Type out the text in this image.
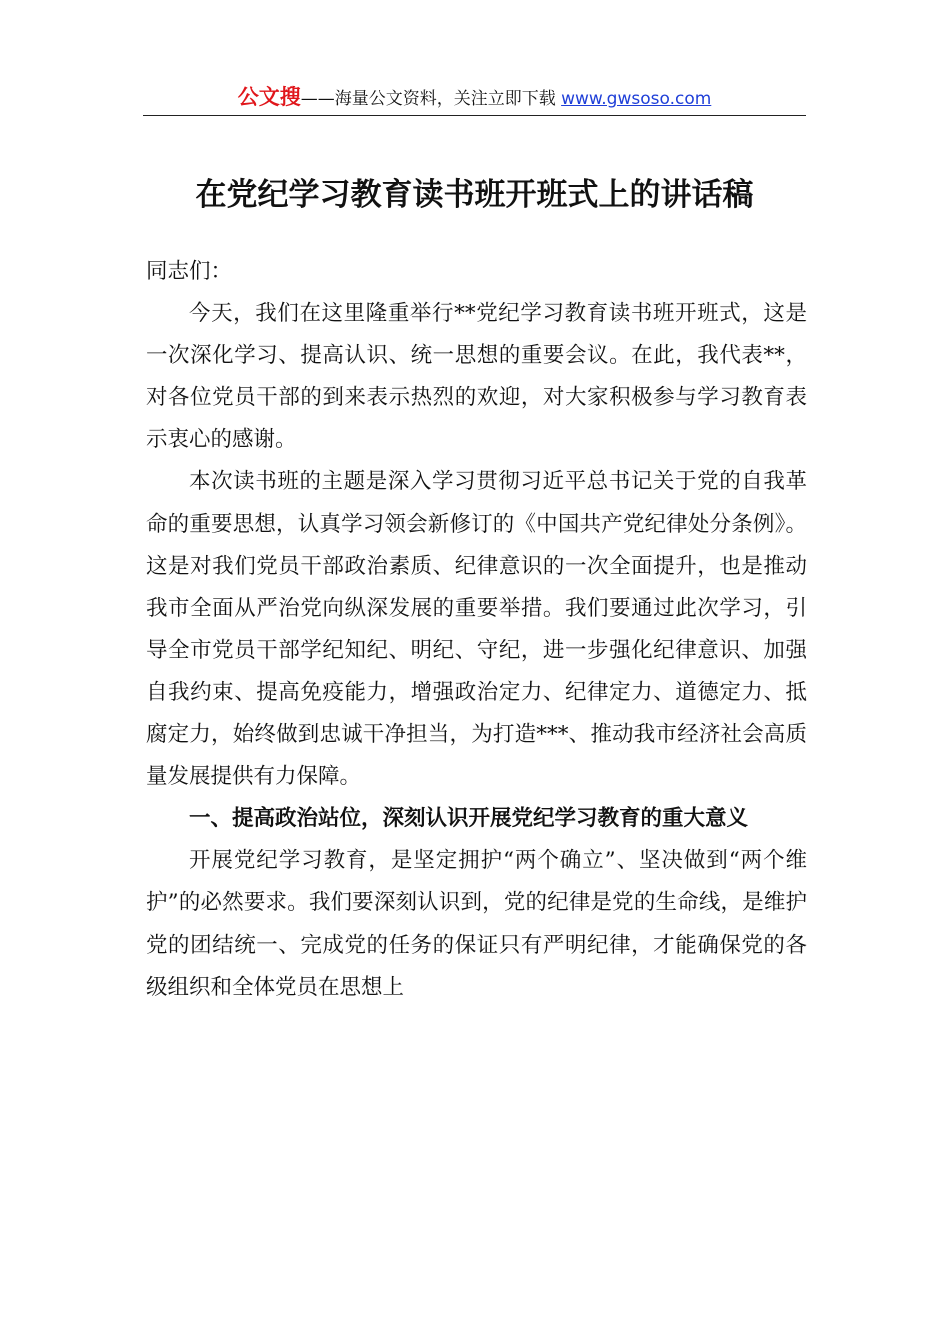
公文搜——海量公文资料，关注立即下载 www.gwsoso.com
在党纪学习教育读书班开班式上的讲话稿

同志们：

今天，我们在这里隆重举行**党纪学习教育读书班开班式，这是一次深化学习、提高认识、统一思想的重要会议。在此，我代表**，对各位党员干部的到来表示热烈的欢迎，对大家积极参与学习教育表示衷心的感谢。

本次读书班的主题是深入学习贯彻习近平总书记关于党的自我革命的重要思想，认真学习领会新修订的《中国共产党纪律处分条例》。这是对我们党员干部政治素质、纪律意识的一次全面提升，也是推动我市全面从严治党向纵深发展的重要举措。我们要通过此次学习，引导全市党员干部学纪知纪、明纪、守纪，进一步强化纪律意识、加强自我约束、提高免疫能力，增强政治定力、纪律定力、道德定力、抵腐定力，始终做到忠诚干净担当，为打造***、推动我市经济社会高质量发展提供有力保障。

一、提高政治站位，深刻认识开展党纪学习教育的重大意义

开展党纪学习教育，是坚定拥护“两个确立”、坚决做到“两个维护”的必然要求。我们要深刻认识到，党的纪律是党的生命线，是维护党的团结统一、完成党的任务的保证只有严明纪律，才能确保党的各级组织和全体党员在思想上
